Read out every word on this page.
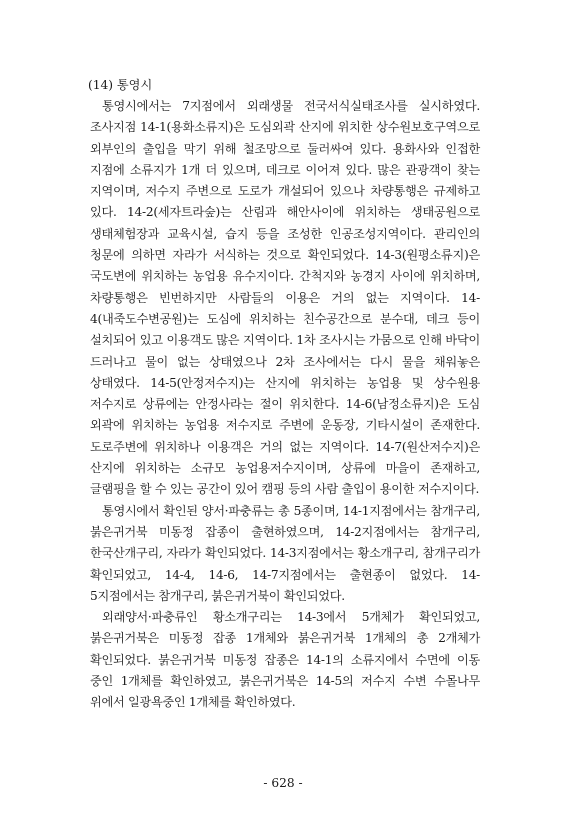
(14) 통영시

통영시에서는 7지점에서 외래생물 전국서식실태조사를 실시하였다. 조사지점 14-1(용화소류지)은 도심외곽 산지에 위치한 상수원보호구역으로 외부인의 출입을 막기 위해 철조망으로 둘러싸여 있다. 용화사와 인접한 지점에 소류지가 1개 더 있으며, 데크로 이어져 있다. 많은 관광객이 찾는 지역이며, 저수지 주변으로 도로가 개설되어 있으나 차량통행은 규제하고 있다. 14-2(세자트라숲)는 산림과 해안사이에 위치하는 생태공원으로 생태체험장과 교육시설, 습지 등을 조성한 인공조성지역이다. 관리인의 청문에 의하면 자라가 서식하는 것으로 확인되었다. 14-3(원평소류지)은 국도변에 위치하는 농업용 유수지이다. 간척지와 농경지 사이에 위치하며, 차량통행은 빈번하지만 사람들의 이용은 거의 없는 지역이다. 14-4(내죽도수변공원)는 도심에 위치하는 친수공간으로 분수대, 데크 등이 설치되어 있고 이용객도 많은 지역이다. 1차 조사시는 가뭄으로 인해 바닥이 드러나고 물이 없는 상태였으나 2차 조사에서는 다시 물을 채워놓은 상태였다. 14-5(안정저수지)는 산지에 위치하는 농업용 및 상수원용 저수지로 상류에는 안정사라는 절이 위치한다. 14-6(남정소류지)은 도심 외곽에 위치하는 농업용 저수지로 주변에 운동장, 기타시설이 존재한다. 도로주변에 위치하나 이용객은 거의 없는 지역이다. 14-7(원산저수지)은 산지에 위치하는 소규모 농업용저수지이며, 상류에 마을이 존재하고, 글램핑을 할 수 있는 공간이 있어 캠핑 등의 사람 출입이 용이한 저수지이다.

통영시에서 확인된 양서·파충류는 총 5종이며, 14-1지점에서는 참개구리, 붉은귀거북 미동정 잡종이 출현하였으며, 14-2지점에서는 참개구리, 한국산개구리, 자라가 확인되었다. 14-3지점에서는 황소개구리, 참개구리가 확인되었고, 14-4, 14-6, 14-7지점에서는 출현종이 없었다. 14-5지점에서는 참개구리, 붉은귀거북이 확인되었다.

외래양서·파충류인 황소개구리는 14-3에서 5개체가 확인되었고, 붉은귀거북은 미동정 잡종 1개체와 붉은귀거북 1개체의 총 2개체가 확인되었다. 붉은귀거북 미동정 잡종은 14-1의 소류지에서 수면에 이동 중인 1개체를 확인하였고, 붉은귀거북은 14-5의 저수지 수변 수몰나무 위에서 일광욕중인 1개체를 확인하였다.

- 628 -
